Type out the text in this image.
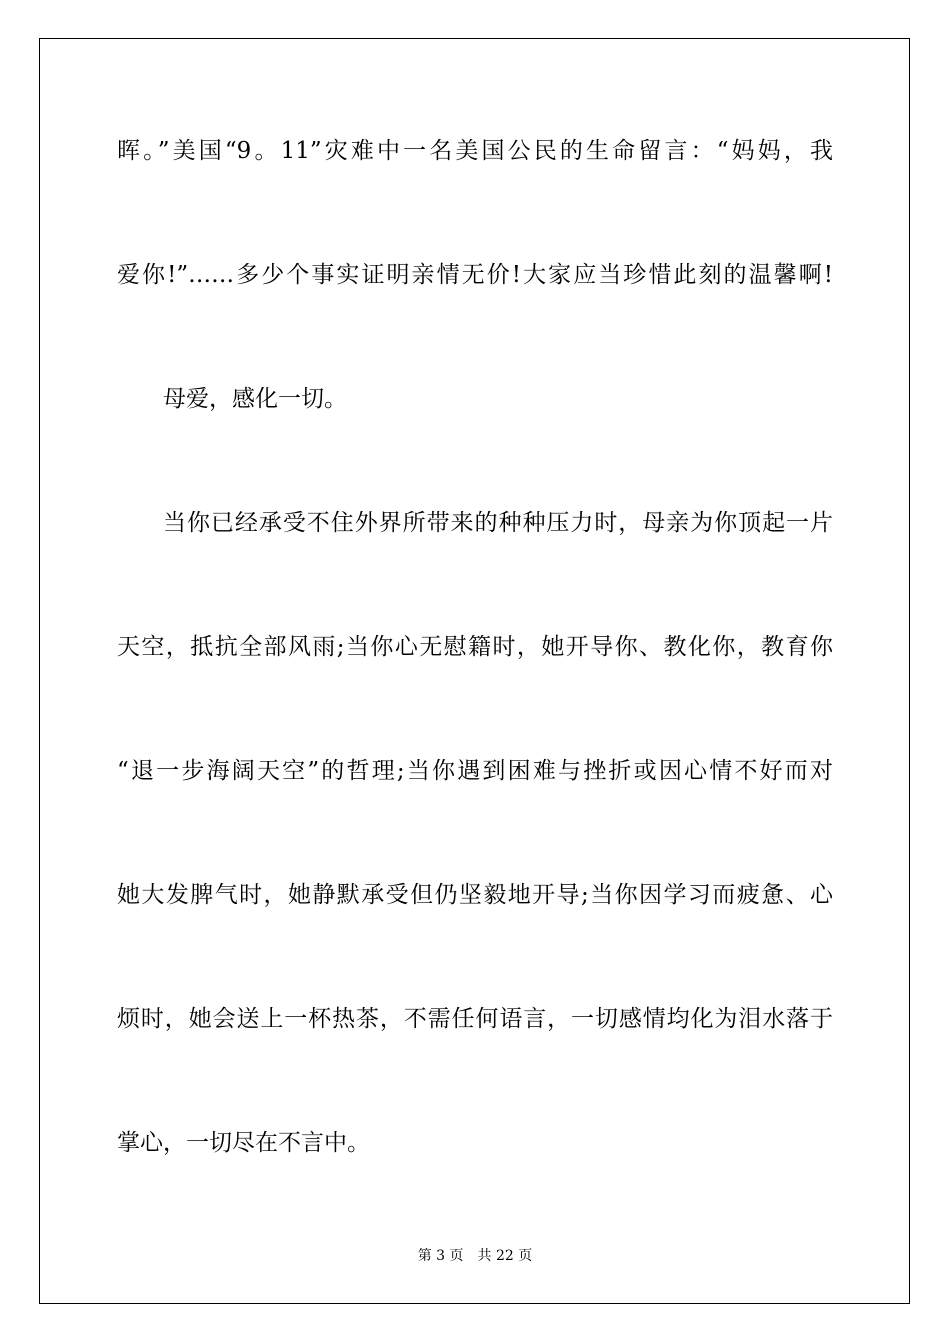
晖。”美国“9。11”灾难中一名美国公民的生命留言：“妈妈，我

爱你!”……多少个事实证明亲情无价!大家应当珍惜此刻的温馨啊!

母爱，感化一切。

当你已经承受不住外界所带来的种种压力时，母亲为你顶起一片

天空，抵抗全部风雨;当你心无慰籍时，她开导你、教化你，教育你

“退一步海阔天空”的哲理;当你遇到困难与挫折或因心情不好而对

她大发脾气时，她静默承受但仍坚毅地开导;当你因学习而疲惫、心

烦时，她会送上一杯热茶，不需任何语言，一切感情均化为泪水落于

掌心，一切尽在不言中。

第 3 页 共 22 页
